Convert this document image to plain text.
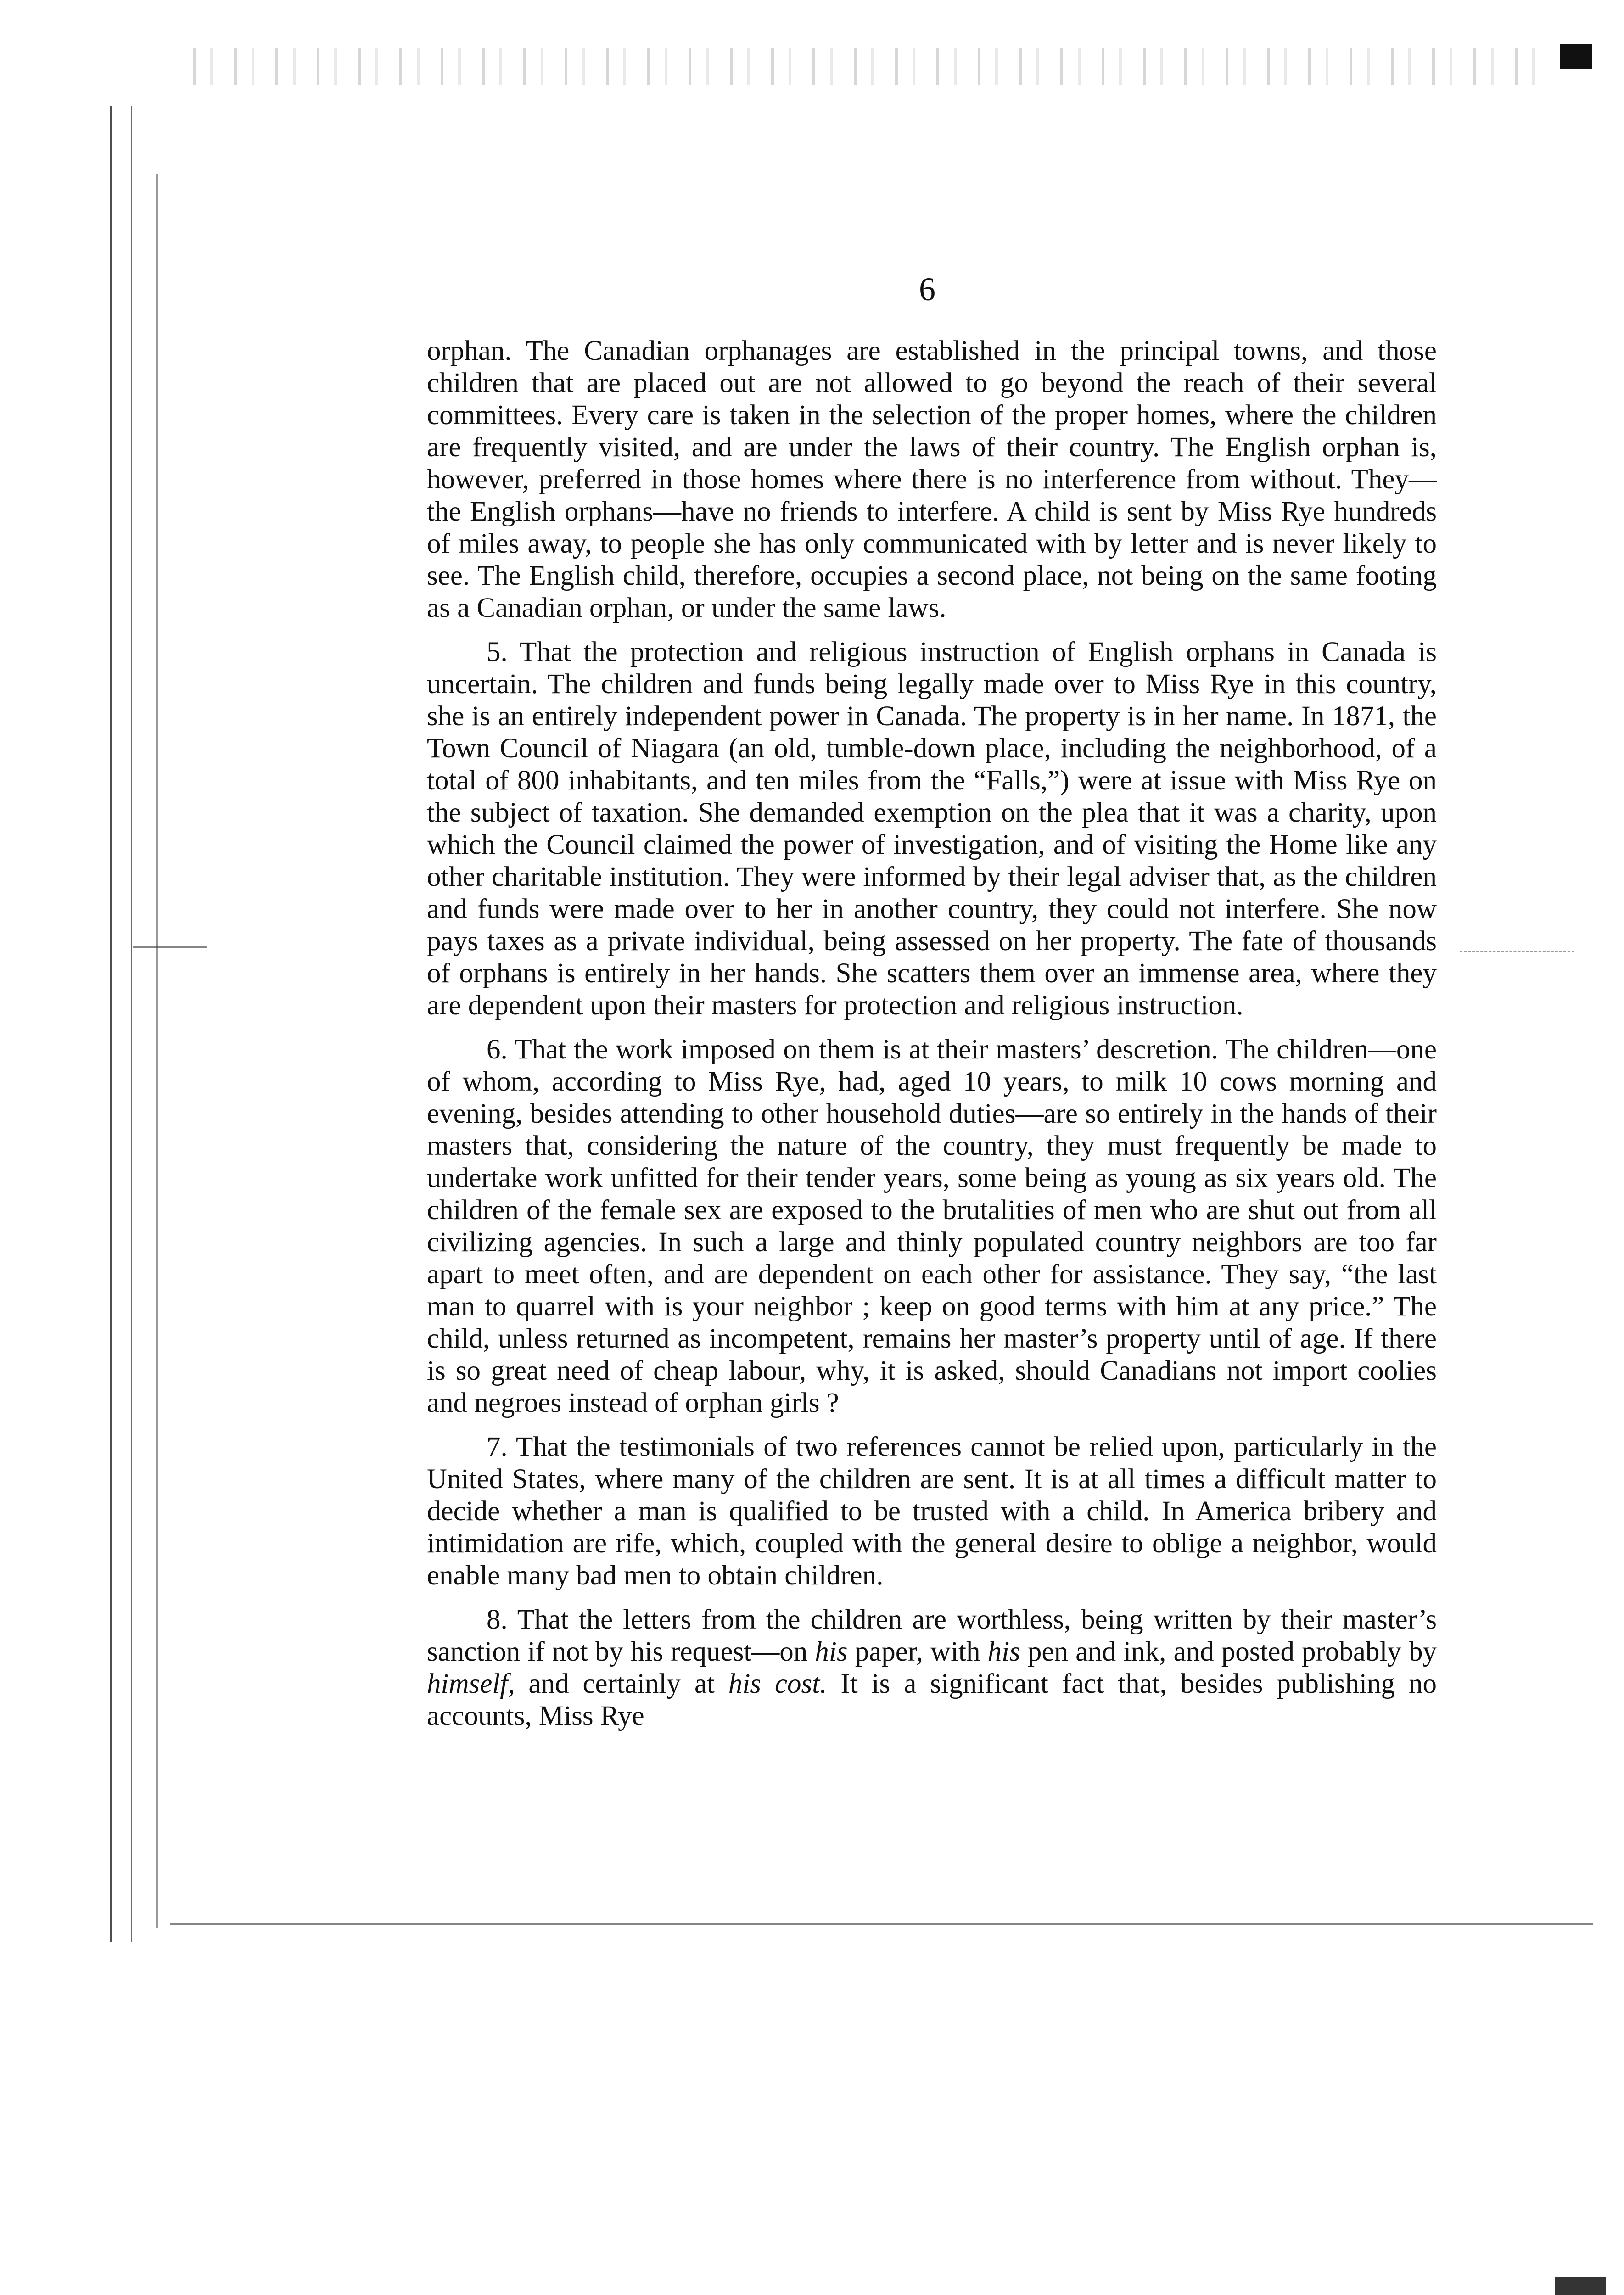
6

orphan. The Canadian orphanages are established in the principal towns, and those children that are placed out are not allowed to go beyond the reach of their several committees. Every care is taken in the selection of the proper homes, where the children are frequently visited, and are under the laws of their country. The English orphan is, however, preferred in those homes where there is no interference from without. They—the English orphans—have no friends to interfere. A child is sent by Miss Rye hundreds of miles away, to people she has only communicated with by letter and is never likely to see. The English child, therefore, occupies a second place, not being on the same footing as a Canadian orphan, or under the same laws.

5. That the protection and religious instruction of English orphans in Canada is uncertain. The children and funds being legally made over to Miss Rye in this country, she is an entirely independent power in Canada. The property is in her name. In 1871, the Town Council of Niagara (an old, tumble-down place, including the neighborhood, of a total of 800 inhabitants, and ten miles from the “Falls,”) were at issue with Miss Rye on the subject of taxation. She demanded exemption on the plea that it was a charity, upon which the Council claimed the power of investigation, and of visiting the Home like any other charitable institution. They were informed by their legal adviser that, as the children and funds were made over to her in another country, they could not interfere. She now pays taxes as a private individual, being assessed on her property. The fate of thousands of orphans is entirely in her hands. She scatters them over an immense area, where they are dependent upon their masters for protection and religious instruction.

6. That the work imposed on them is at their masters’ descretion. The children—one of whom, according to Miss Rye, had, aged 10 years, to milk 10 cows morning and evening, besides attending to other household duties—are so entirely in the hands of their masters that, considering the nature of the country, they must frequently be made to undertake work unfitted for their tender years, some being as young as six years old. The children of the female sex are exposed to the brutalities of men who are shut out from all civilizing agencies. In such a large and thinly populated country neighbors are too far apart to meet often, and are dependent on each other for assistance. They say, “the last man to quarrel with is your neighbor ; keep on good terms with him at any price.” The child, unless returned as incompetent, remains her master’s property until of age. If there is so great need of cheap labour, why, it is asked, should Canadians not import coolies and negroes instead of orphan girls ?

7. That the testimonials of two references cannot be relied upon, particularly in the United States, where many of the children are sent. It is at all times a difficult matter to decide whether a man is qualified to be trusted with a child. In America bribery and intimidation are rife, which, coupled with the general desire to oblige a neighbor, would enable many bad men to obtain children.

8. That the letters from the children are worthless, being written by their master’s sanction if not by his request—on his paper, with his pen and ink, and posted probably by himself, and certainly at his cost. It is a significant fact that, besides publishing no accounts, Miss Rye
